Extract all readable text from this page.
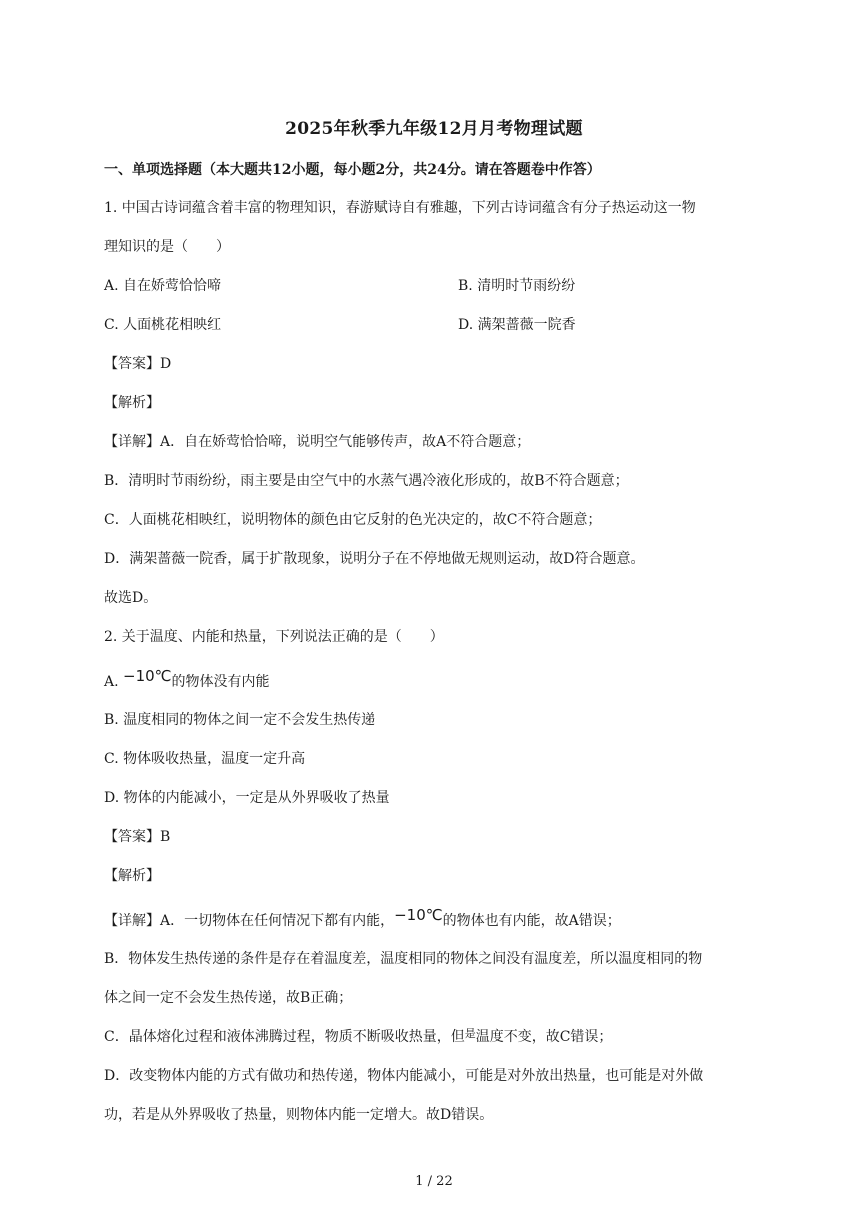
2025年秋季九年级12月月考物理试题
一、单项选择题（本大题共12小题，每小题2分，共24分。请在答题卷中作答）
1. 中国古诗词蕴含着丰富的物理知识，春游赋诗自有雅趣，下列古诗词蕴含有分子热运动这一物
理知识的是（　　）
A. 自在娇莺恰恰啼	B. 清明时节雨纷纷
C. 人面桃花相映红	D. 满架蔷薇一院香
【答案】D
【解析】
【详解】A．自在娇莺恰恰啼，说明空气能够传声，故A不符合题意；
B．清明时节雨纷纷，雨主要是由空气中的水蒸气遇冷液化形成的，故B不符合题意；
C．人面桃花相映红，说明物体的颜色由它反射的色光决定的，故C不符合题意；
D．满架蔷薇一院香，属于扩散现象，说明分子在不停地做无规则运动，故D符合题意。
故选D。
2. 关于温度、内能和热量，下列说法正确的是（　　）
A. −10℃的物体没有内能
B. 温度相同的物体之间一定不会发生热传递
C. 物体吸收热量，温度一定升高
D. 物体的内能减小，一定是从外界吸收了热量
【答案】B
【解析】
【详解】A．一切物体在任何情况下都有内能，−10℃的物体也有内能，故A错误；
B．物体发生热传递的条件是存在着温度差，温度相同的物体之间没有温度差，所以温度相同的物
体之间一定不会发生热传递，故B正确；
C．晶体熔化过程和液体沸腾过程，物质不断吸收热量，但$^是$温度不变，故C错误；
D．改变物体内能的方式有做功和热传递，物体内能减小，可能是对外放出热量，也可能是对外做
功，若是从外界吸收了热量，则物体内能一定增大。故D错误。
1 / 22
